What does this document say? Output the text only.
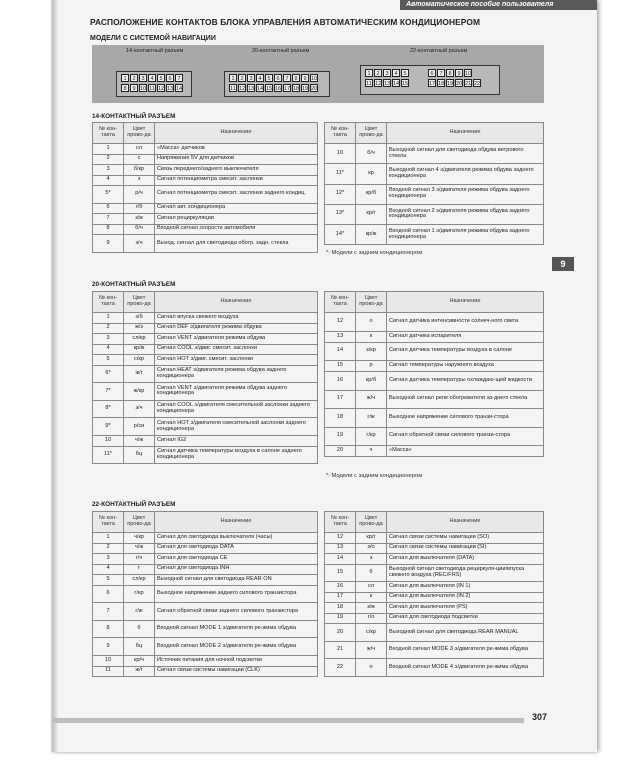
Автоматическое пособие пользователя
РАСПОЛОЖЕНИЕ КОНТАКТОВ БЛОКА УПРАВЛЕНИЯ АВТОМАТИЧЕСКИМ КОНДИЦИОНЕРОМ
МОДЕЛИ С СИСТЕМОЙ НАВИГАЦИИ
14-контактный разъем	20-контактный разъем	22-контактный разъем
1	2	3	4	5	6	7
8	9 10 11 12 13 14
1	2	3	4	5	6	7	8	9 10
11 12 13 14 15 16 17 18 19 20
1	2	3	4	5	6	7	8	9 10
11 12 13 14 15	17 18 19 20 21 22
14-КОНТАКТНЫЙ РАЗЪЕМ
№ кон-такта	Цвет прово-да	Назначение
1	сл	«Масса» датчиков
2	с	Напряжение 5V для датчиков
3	б/кр	Связь переднего/заднего выключателя
4	з	Сигнал потенциометра смесит. заслонки
5*	р/ч	Сигнал потенциометра смесит. заслонки заднего кондиц.
6	г/б	Сигнал авт. кондиционера
7	з/ж	Сигнал рециркуляции
8	б/ч	Входной сигнал скорости автомобиля
9	з/ч	Выход. сигнал для светодиода обогр. задн. стекла
№ кон-такта	Цвет прово-да	Назначение
10	б/ч	Выходной сигнал для светодиода обдува ветрового стекла
11*	кр	Выходной сигнал 4 э/двигателя режима обдува заднего кондиционера
12*	кр/б	Входной сигнал 3 э/двигателя режима обдува заднего кондиционера
13*	кр/г	Входной сигнал 2 э/двигателя режима обдува заднего кондиционера
14*	кр/ж	Входной сигнал 1 э/двигателя режима обдува заднего кондиционера
*: Модели с задним кондиционером
20-КОНТАКТНЫЙ РАЗЪЕМ
№ кон-такта	Цвет прово-да	Назначение
1	з/б	Сигнал впуска свежего воздуха
2	ж/з	Сигнал DEF э/двигателя режима обдува
3	сл/кр	Сигнал VENT э/двигателя режима обдува
4	кр/ж	Сигнал COOL э/двиг. смесит. заслонки
5	с/кр	Сигнал HOT э/двиг. смесит. заслонки
6*	ж/г	Сигнал HEAT э/двигателя режима обдува заднего кондиционера
7*	ж/кр	Сигнал VENT э/двигателя режима обдува заднего кондиционера
8*	з/ч	Сигнал COOL э/двигателя смесительной заслонки заднего кондиционера
9*	р/си	Сигнал HOT э/двигателя смесительной заслонки заднего кондиционера
10	ч/ж	Сигнал IG2
11*	бц	Сигнал датчика температуры воздуха в салоне заднего кондиционера
№ кон-такта	Цвет прово-да	Назначение
12	о	Сигнал датчика интенсивности солнеч-ного света
13	к	Сигнал датчика испарителя
14	з/кр	Сигнал датчика температуры воздуха в салоне
15	р	Сигнал температуры наружного воздуха
16	кр/б	Сигнал датчика температуры охлаждаю-щей жидкости
17	ж/ч	Выходной сигнал реле обогревателя за-днего стекла
18	г/ж	Выходное напряжение силового транзи-стора
19	г/кр	Сигнал обратной связи силового транзи-стора
20	ч	«Масса»
*: Модели с задним кондиционером
22-КОНТАКТНЫЙ РАЗЪЕМ
№ кон-такта	Цвет прово-да	Назначение
1	ч/кр	Сигнал для светодиода выключателя (часы)
2	ч/ж	Сигнал для светодиода DATA
3	г/ч	Сигнал для светодиода CE
4	г	Сигнал для светодиода INH
5	сл/кр	Выходной сигнал для светодиода REAR ON
6	г/кр	Выходное напряжение заднего силового транзистора
7	г/ж	Сигнал обратной связи заднего силового транзистора
8	б	Входной сигнал MODE 1 э/двигателя ре-жима обдува
9	бц	Входной сигнал MODE 2 э/двигателя ре-жима обдува
10	кр/ч	Источник питания для ночной подсветки
11	ж/г	Сигнал связи системы навигации (CLK)
№ кон-такта	Цвет прово-да	Назначение
12	кр/г	Сигнал связи системы навигации (SO)
13	з/о	Сигнал связи системы навигации (SI)
14	з	Сигнал для выключателя (DATA)
15	б	Выходной сигнал светодиода рециркуля-ции/впуска свежего воздуха (REC/FRS)
16	сл	Сигнал для выключателя (IN 1)
17	к	Сигнал для выключателя (IN 2)
18	з/ж	Сигнал для выключателя (PS)
19	г/о	Сигнал для светодиода подсветки
20	с/кр	Выходной сигнал для светодиода REAR MANUAL
21	ж/ч	Входной сигнал MODE 3 э/двигателя ре-жима обдува
22	о	Входной сигнал MODE 4 э/двигателя ре-жима обдува
9
307
